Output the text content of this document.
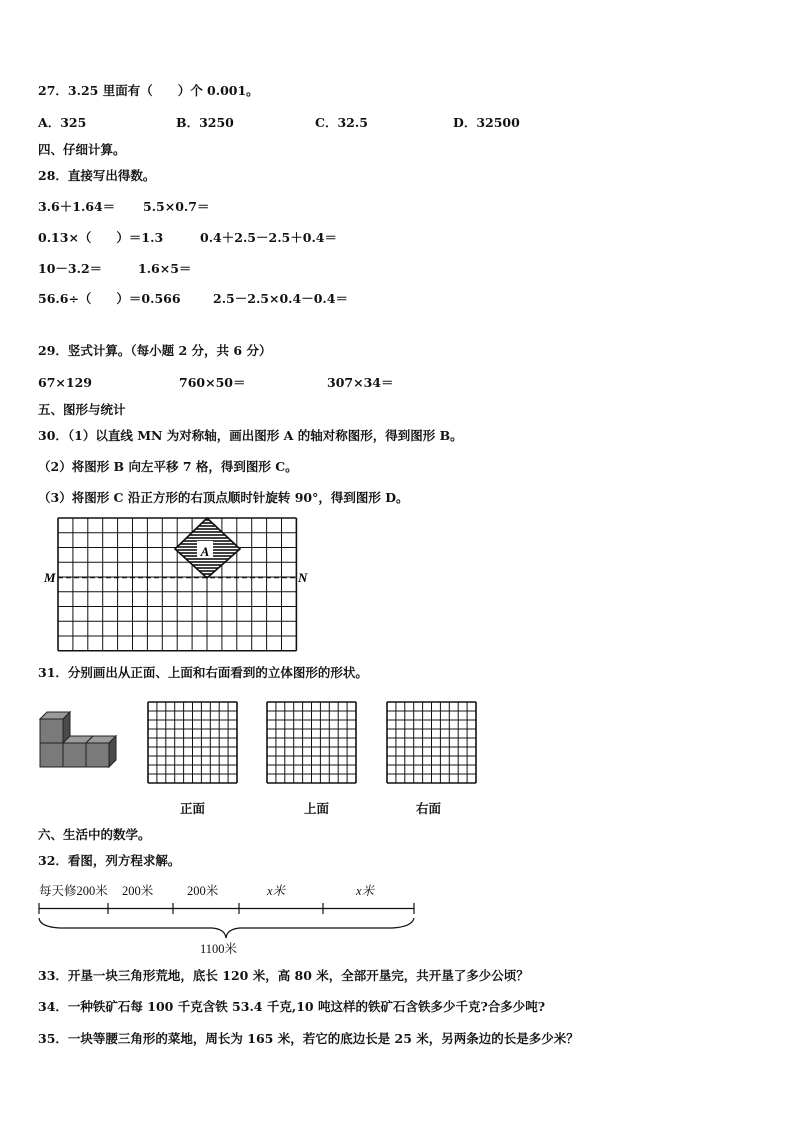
27．3.25 里面有（　　）个 0.001。
A．325	B．3250	C．32.5	D．32500
四、仔细计算。
28．直接写出得数。
3.6＋1.64＝ 5.5×0.7＝
0.13×（　　）＝1.3	0.4＋2.5－2.5＋0.4＝
10－3.2＝	1.6×5＝
56.6÷（　　）＝0.566	2.5－2.5×0.4－0.4＝
29．竖式计算。（每小题 2 分，共 6 分）
67×129	760×50＝	307×34＝
五、图形与统计
30．（1）以直线 MN 为对称轴，画出图形 A 的轴对称图形，得到图形 B。
（2）将图形 B 向左平移 7 格，得到图形 C。
（3）将图形 C 沿正方形的右顶点顺时针旋转 90°，得到图形 D。
A
M	N
31．分别画出从正面、上面和右面看到的立体图形的形状。
正面	上面	右面
六、生活中的数学。
32．看图，列方程求解。
每天修200米 200米	200米	x米	x米
1100米
33．开垦一块三角形荒地，底长 120 米，高 80 米，全部开垦完，共开垦了多少公顷？
34．一种铁矿石每 100 千克含铁 53.4 千克,10 吨这样的铁矿石含铁多少千克?合多少吨?
35．一块等腰三角形的菜地，周长为 165 米，若它的底边长是 25 米，另两条边的长是多少米？
